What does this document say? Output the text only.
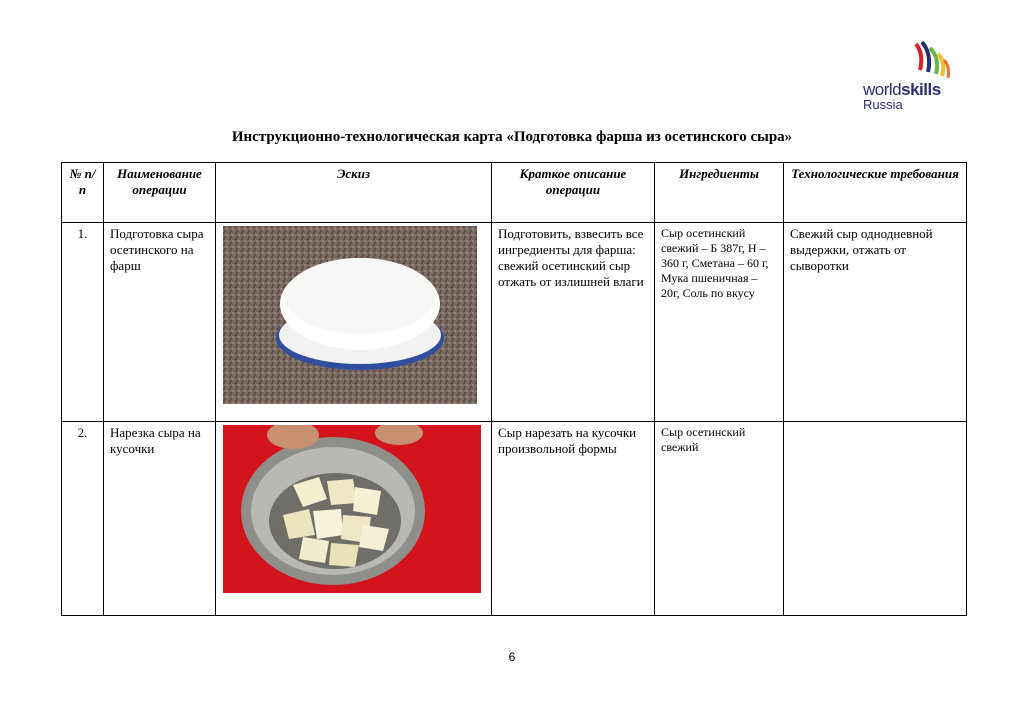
worldskills
Russia
Инструкционно-технологическая карта «Подготовка фарша из осетинского сыра»
№ п/п	Наименование операции	Эскиз	Краткое описание операции	Ингредиенты	Технологические требования
1.	Подготовка сыра осетинского на фарш		Подготовить, взвесить все ингредиенты для фарша: свежий осетинский сыр отжать от излишней влаги	Сыр осетинский свежий – Б 387г, Н – 360 г, Сметана – 60 г, Мука пшеничная – 20г, Соль по вкусу	Свежий сыр однодневной выдержки, отжать от сыворотки
2.	Нарезка сыра на кусочки		Сыр нарезать на кусочки произвольной формы	Сыр осетинский свежий	
6
